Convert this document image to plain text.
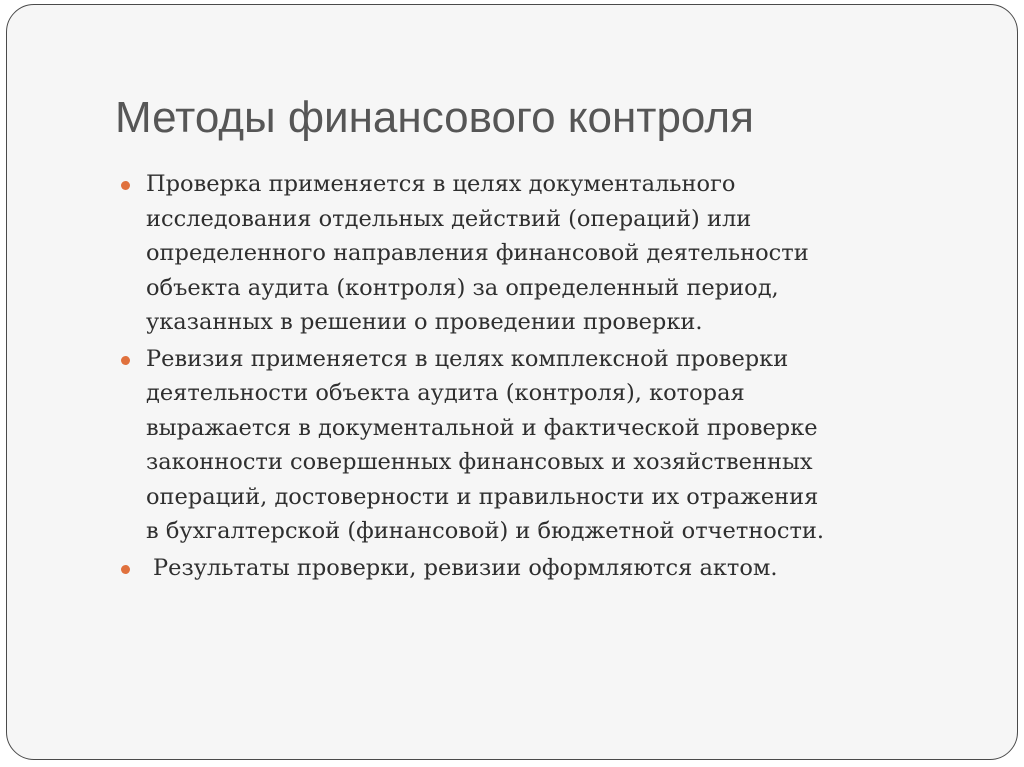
Методы финансового контроля
Проверка применяется в целях документального
исследования отдельных действий (операций) или
определенного направления финансовой деятельности
объекта аудита (контроля) за определенный период,
указанных в решении о проведении проверки.
Ревизия применяется в целях комплексной проверки
деятельности объекта аудита (контроля), которая
выражается в документальной и фактической проверке
законности совершенных финансовых и хозяйственных
операций, достоверности и правильности их отражения
в бухгалтерской (финансовой) и бюджетной отчетности.
Результаты проверки, ревизии оформляются актом.
